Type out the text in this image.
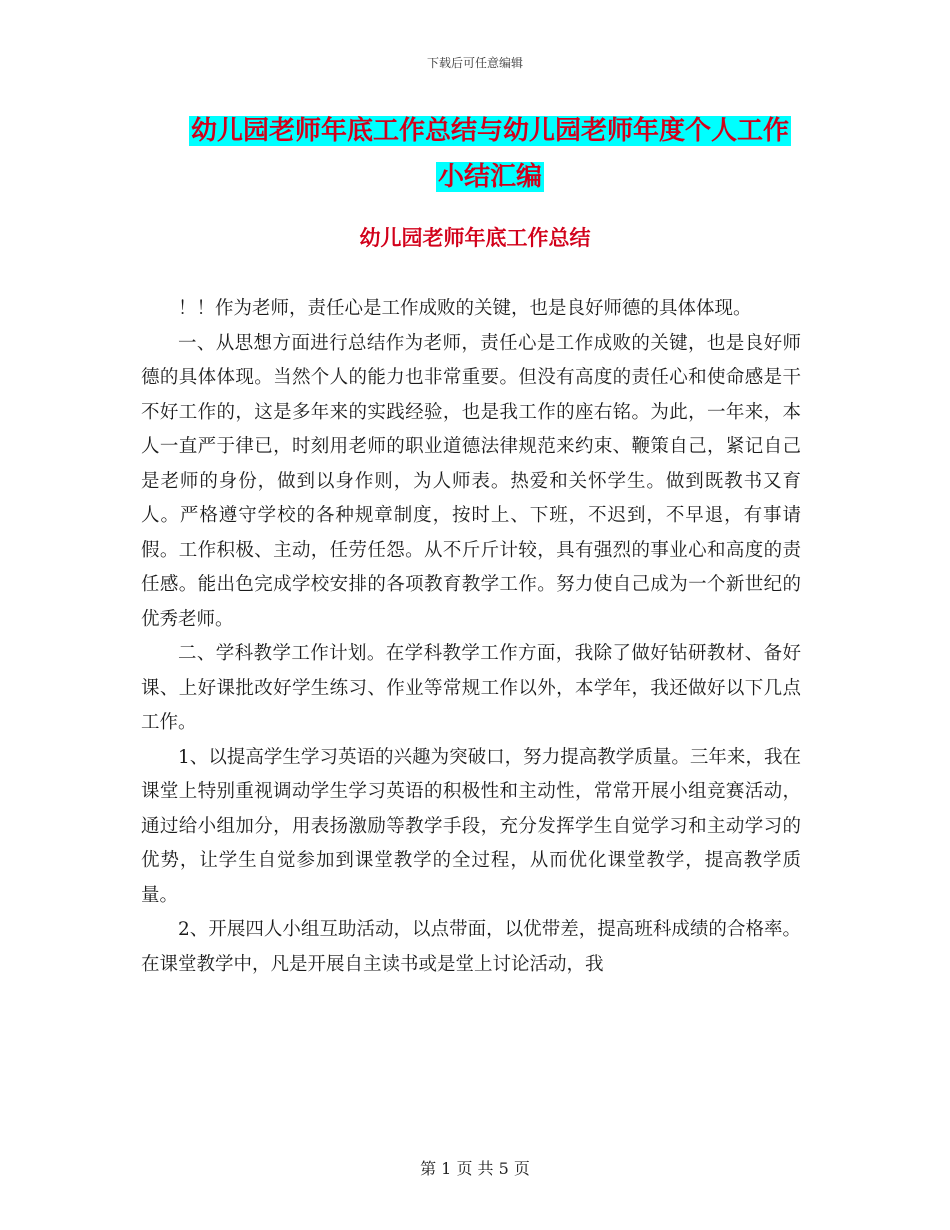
下载后可任意编辑
幼儿园老师年底工作总结与幼儿园老师年度个人工作
小结汇编
幼儿园老师年底工作总结

！！作为老师，责任心是工作成败的关键，也是良好师德的具体体现。

一、从思想方面进行总结作为老师，责任心是工作成败的关键，也是良好师德的具体体现。当然个人的能力也非常重要。但没有高度的责任心和使命感是干不好工作的，这是多年来的实践经验，也是我工作的座右铭。为此，一年来，本人一直严于律已，时刻用老师的职业道德法律规范来约束、鞭策自己，紧记自己是老师的身份，做到以身作则，为人师表。热爱和关怀学生。做到既教书又育人。严格遵守学校的各种规章制度，按时上、下班，不迟到，不早退，有事请假。工作积极、主动，任劳任怨。从不斤斤计较，具有强烈的事业心和高度的责任感。能出色完成学校安排的各项教育教学工作。努力使自己成为一个新世纪的优秀老师。

二、学科教学工作计划。在学科教学工作方面，我除了做好钻研教材、备好课、上好课批改好学生练习、作业等常规工作以外，本学年，我还做好以下几点工作。

1、以提高学生学习英语的兴趣为突破口，努力提高教学质量。三年来，我在课堂上特别重视调动学生学习英语的积极性和主动性，常常开展小组竞赛活动，通过给小组加分，用表扬激励等教学手段，充分发挥学生自觉学习和主动学习的优势，让学生自觉参加到课堂教学的全过程，从而优化课堂教学，提高教学质量。

2、开展四人小组互助活动，以点带面，以优带差，提高班科成绩的合格率。在课堂教学中，凡是开展自主读书或是堂上讨论活动，我

第 1 页 共 5 页
